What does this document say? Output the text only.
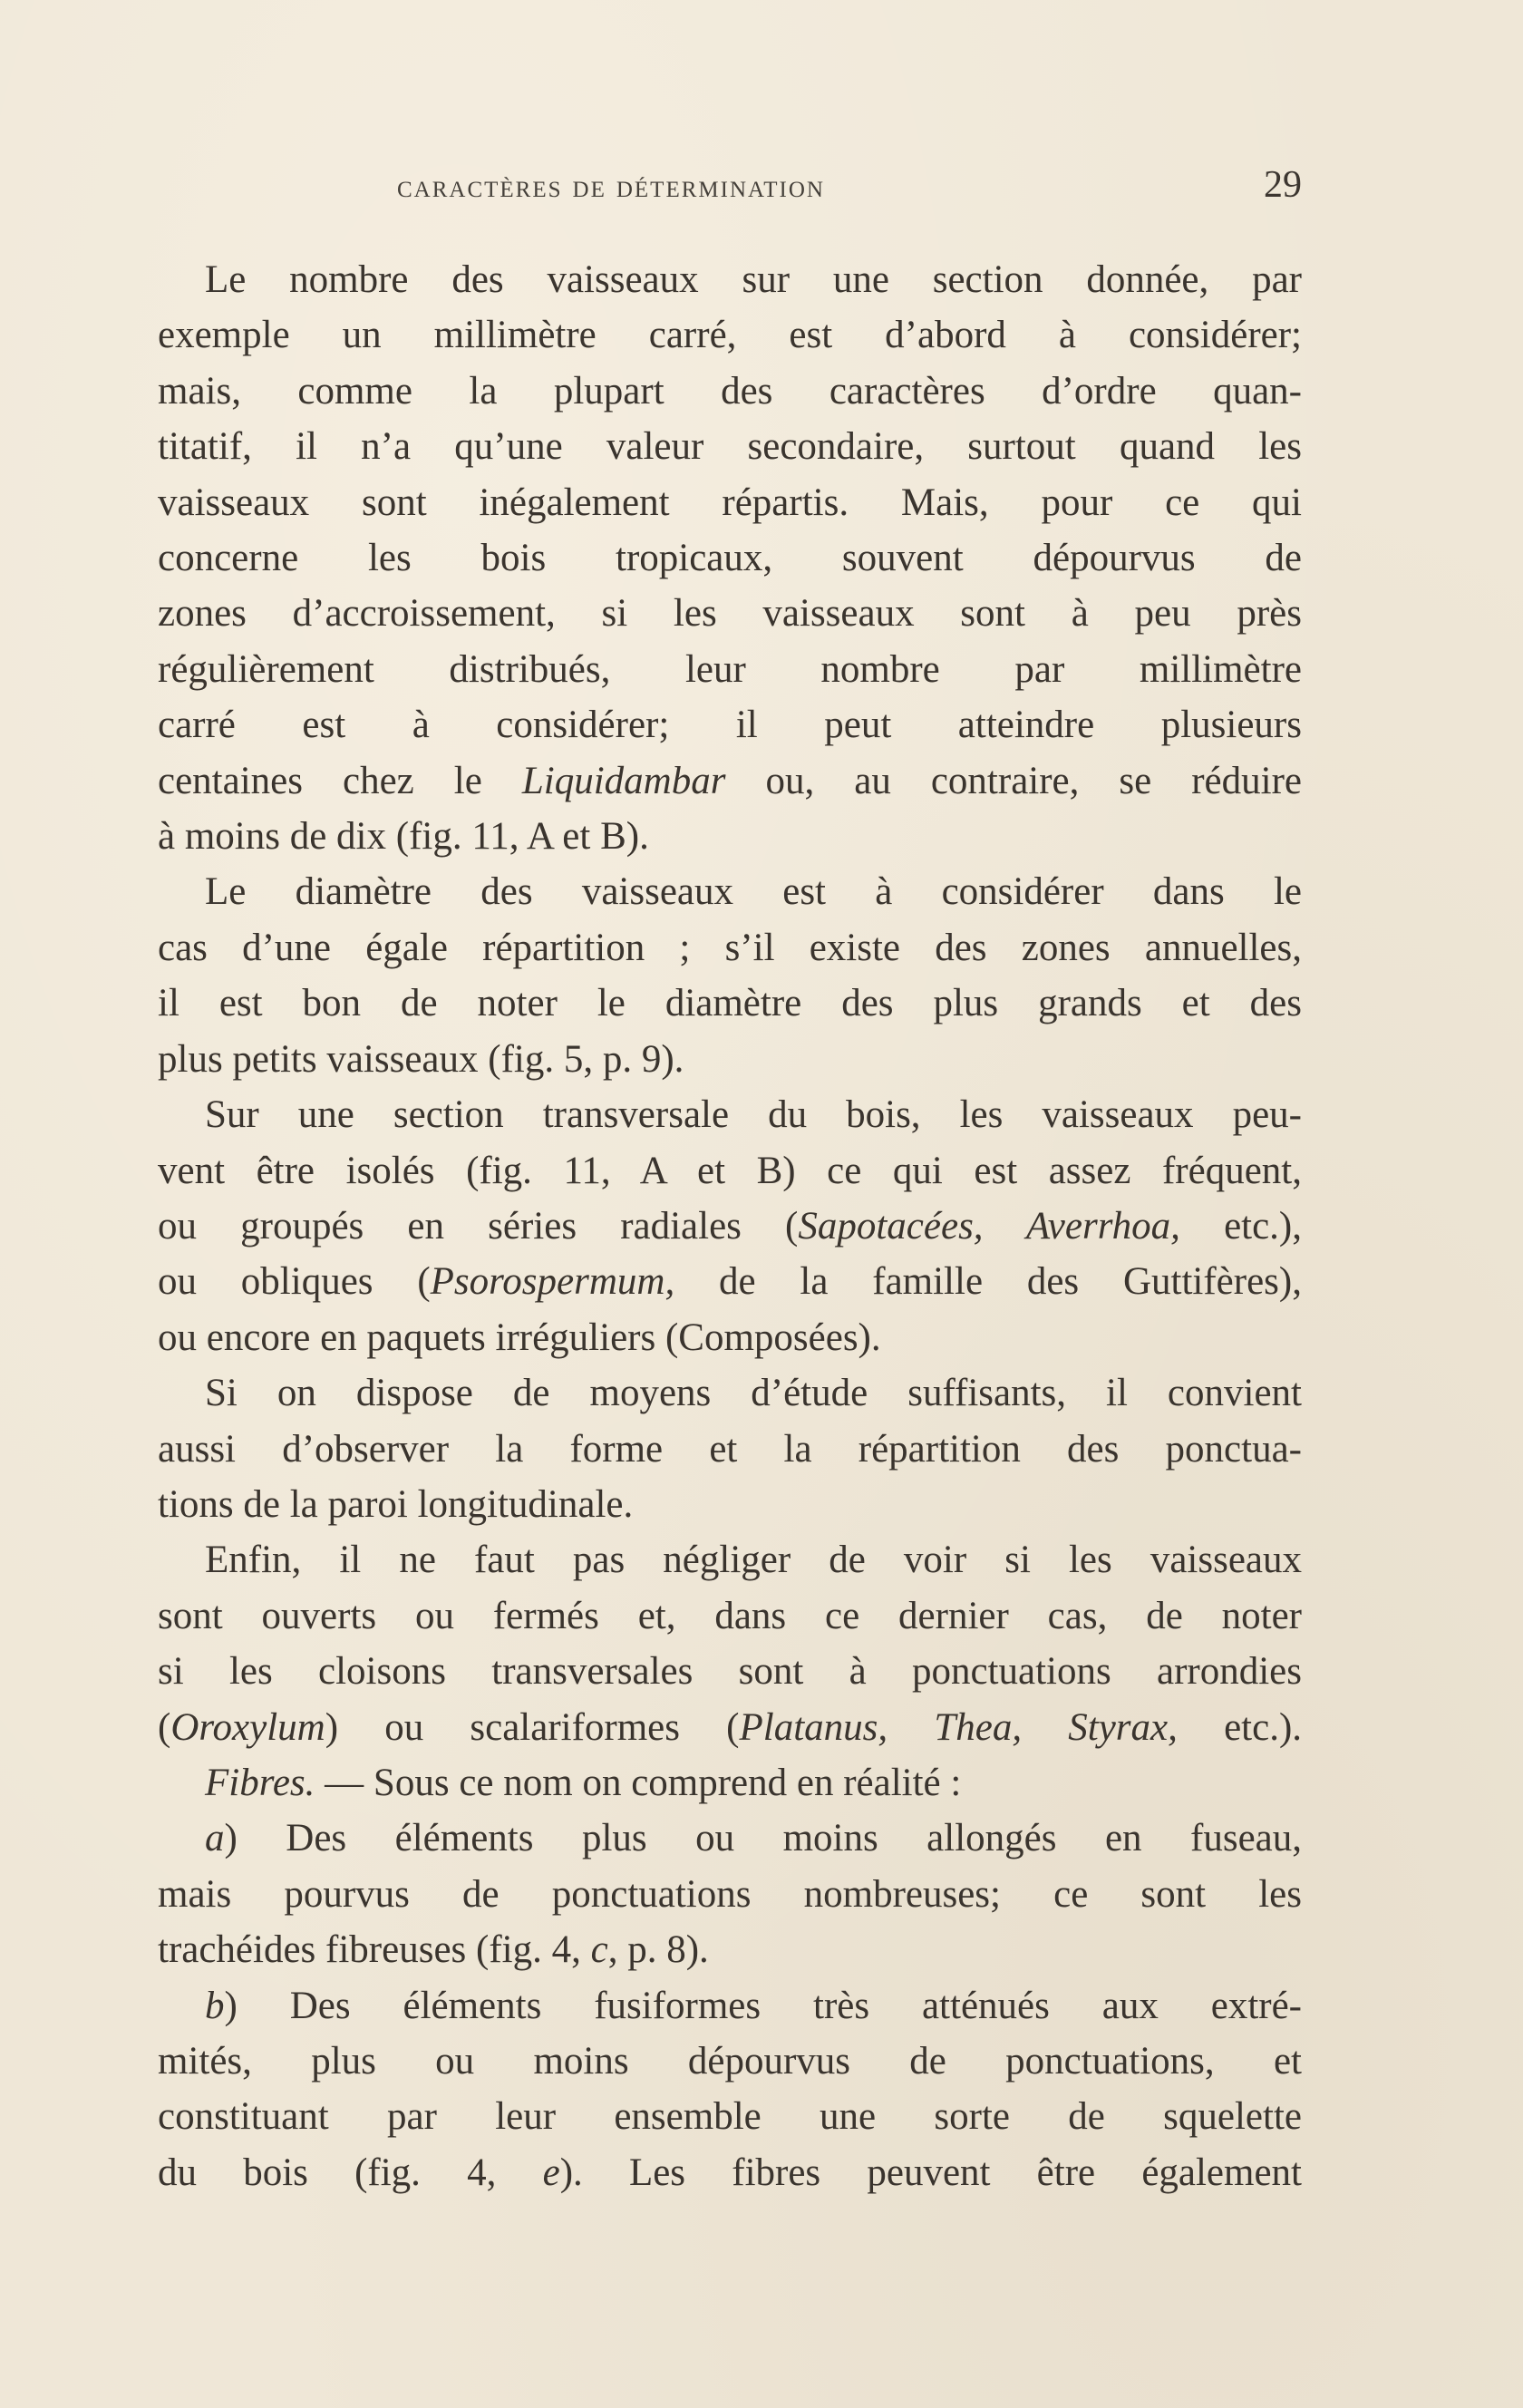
caractères de détermination	29
Le nombre des vaisseaux sur une section donnée, par
exemple un millimètre carré, est d’abord à considérer;
mais, comme la plupart des caractères d’ordre quan-
titatif, il n’a qu’une valeur secondaire, surtout quand les
vaisseaux sont inégalement répartis. Mais, pour ce qui
concerne les bois tropicaux, souvent dépourvus de
zones d’accroissement, si les vaisseaux sont à peu près
régulièrement distribués, leur nombre par millimètre
carré est à considérer; il peut atteindre plusieurs
centaines chez le Liquidambar ou, au contraire, se réduire
à moins de dix (fig. 11, A et B).
Le diamètre des vaisseaux est à considérer dans le
cas d’une égale répartition ; s’il existe des zones annuelles,
il est bon de noter le diamètre des plus grands et des
plus petits vaisseaux (fig. 5, p. 9).
Sur une section transversale du bois, les vaisseaux peu-
vent être isolés (fig. 11, A et B) ce qui est assez fréquent,
ou groupés en séries radiales (Sapotacées, Averrhoa, etc.),
ou obliques (Psorospermum, de la famille des Guttifères),
ou encore en paquets irréguliers (Composées).
Si on dispose de moyens d’étude suffisants, il convient
aussi d’observer la forme et la répartition des ponctua-
tions de la paroi longitudinale.
Enfin, il ne faut pas négliger de voir si les vaisseaux
sont ouverts ou fermés et, dans ce dernier cas, de noter
si les cloisons transversales sont à ponctuations arrondies
(Oroxylum) ou scalariformes (Platanus, Thea, Styrax, etc.).
Fibres. — Sous ce nom on comprend en réalité :
a) Des éléments plus ou moins allongés en fuseau,
mais pourvus de ponctuations nombreuses; ce sont les
trachéides fibreuses (fig. 4, c, p. 8).
b) Des éléments fusiformes très atténués aux extré-
mités, plus ou moins dépourvus de ponctuations, et
constituant par leur ensemble une sorte de squelette
du bois (fig. 4, e). Les fibres peuvent être également
